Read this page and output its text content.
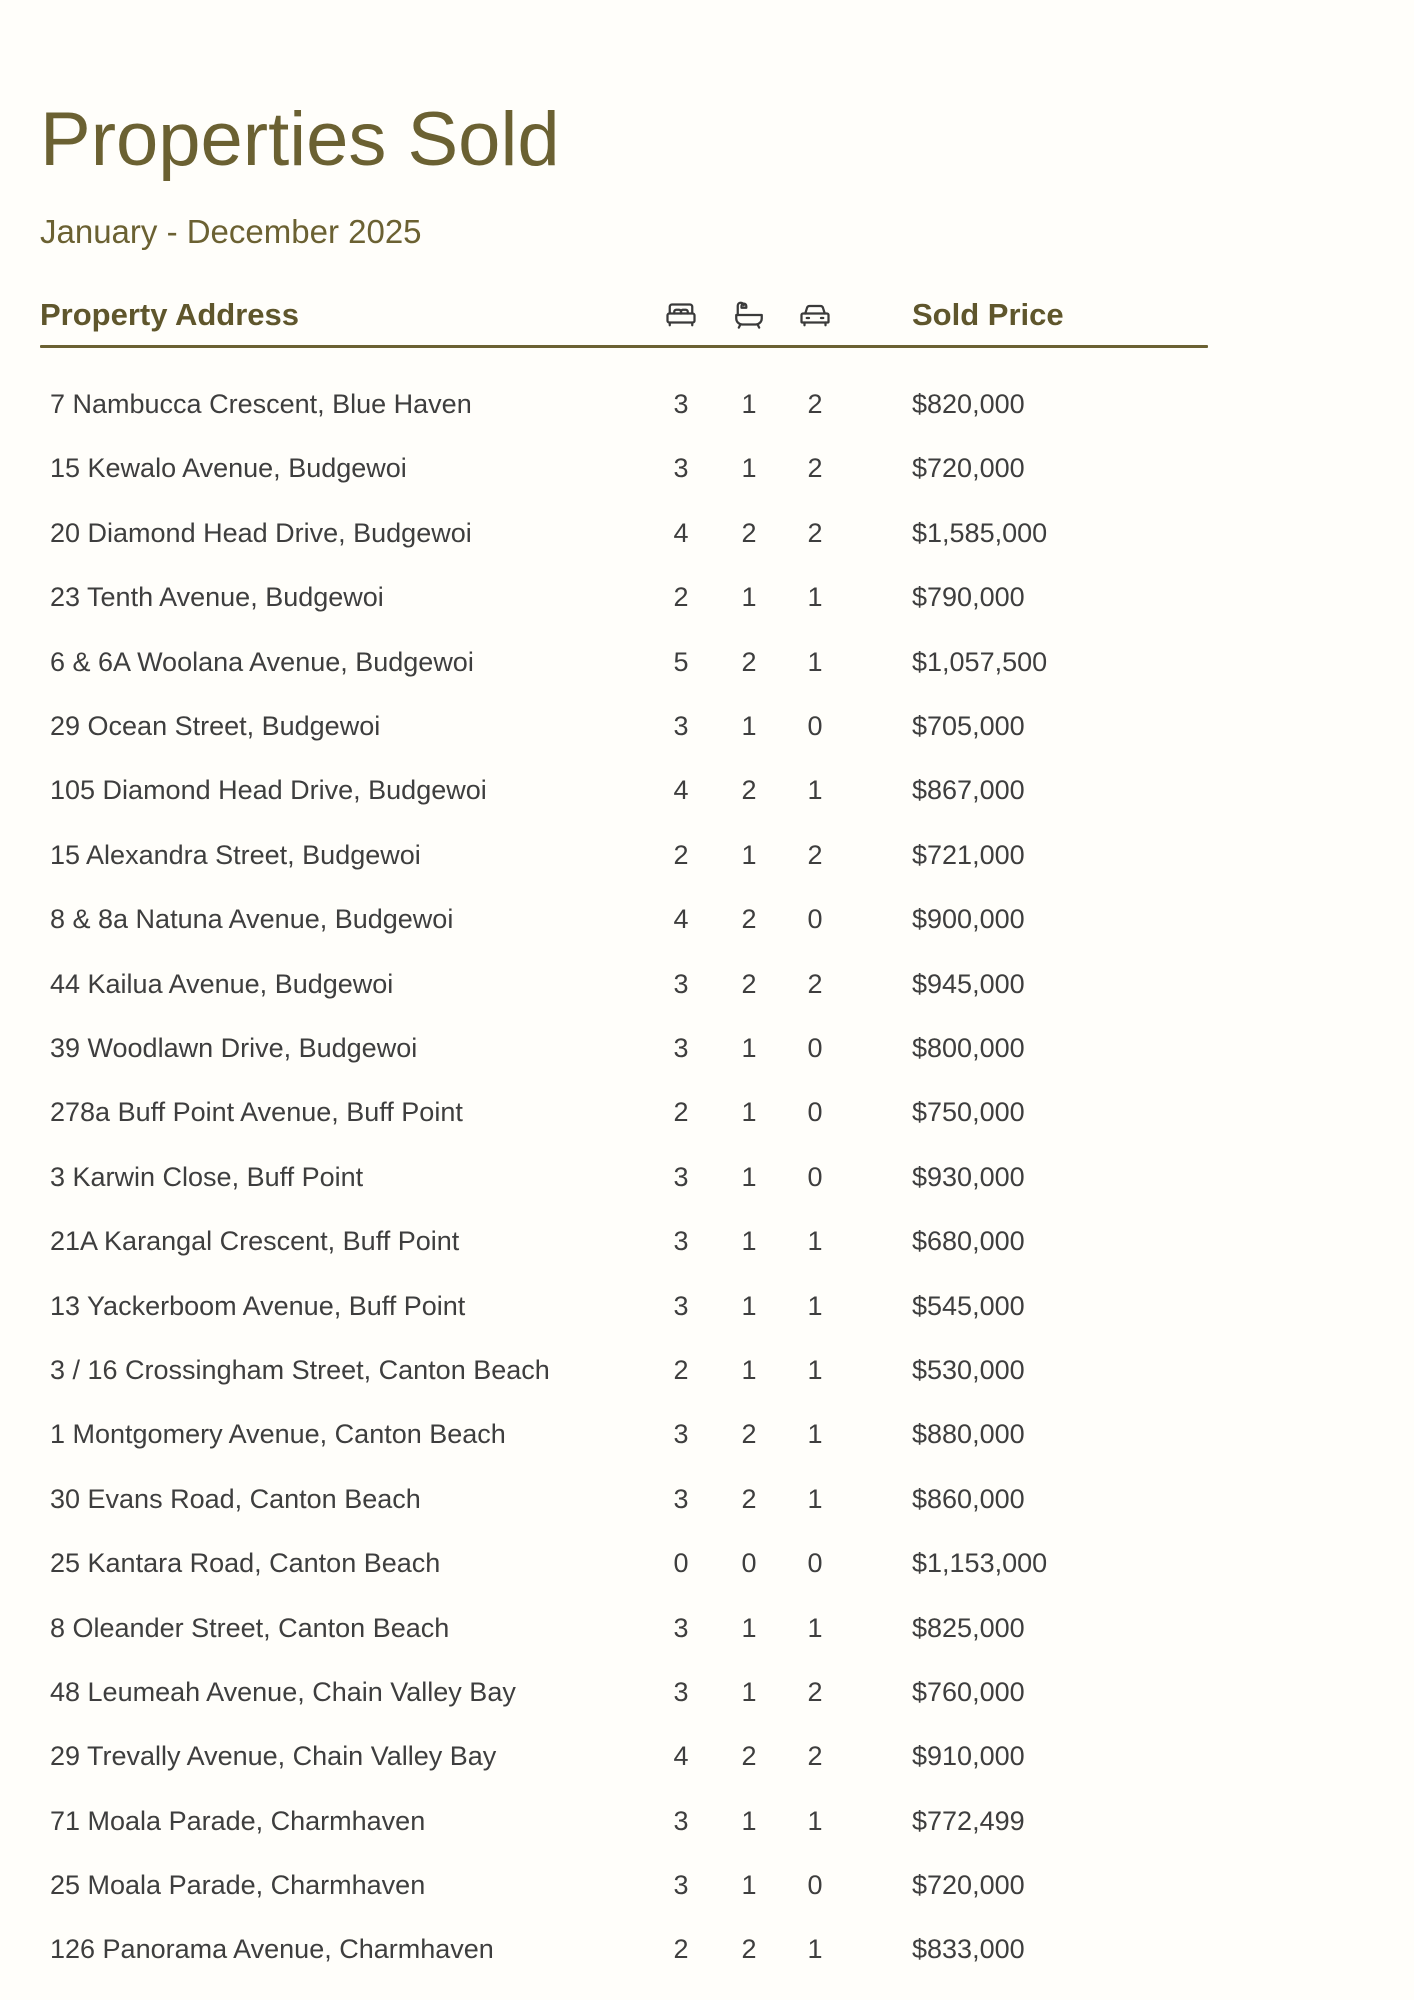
Properties Sold

January - December 2025

Property Address	Sold Price
7 Nambucca Crescent, Blue Haven	3	1	2	$820,000
15 Kewalo Avenue, Budgewoi	3	1	2	$720,000
20 Diamond Head Drive, Budgewoi	4	2	2	$1,585,000
23 Tenth Avenue, Budgewoi	2	1	1	$790,000
6 & 6A Woolana Avenue, Budgewoi	5	2	1	$1,057,500
29 Ocean Street, Budgewoi	3	1	0	$705,000
105 Diamond Head Drive, Budgewoi	4	2	1	$867,000
15 Alexandra Street, Budgewoi	2	1	2	$721,000
8 & 8a Natuna Avenue, Budgewoi	4	2	0	$900,000
44 Kailua Avenue, Budgewoi	3	2	2	$945,000
39 Woodlawn Drive, Budgewoi	3	1	0	$800,000
278a Buff Point Avenue, Buff Point	2	1	0	$750,000
3 Karwin Close, Buff Point	3	1	0	$930,000
21A Karangal Crescent, Buff Point	3	1	1	$680,000
13 Yackerboom Avenue, Buff Point	3	1	1	$545,000
3 / 16 Crossingham Street, Canton Beach	2	1	1	$530,000
1 Montgomery Avenue, Canton Beach	3	2	1	$880,000
30 Evans Road, Canton Beach	3	2	1	$860,000
25 Kantara Road, Canton Beach	0	0	0	$1,153,000
8 Oleander Street, Canton Beach	3	1	1	$825,000
48 Leumeah Avenue, Chain Valley Bay	3	1	2	$760,000
29 Trevally Avenue, Chain Valley Bay	4	2	2	$910,000
71 Moala Parade, Charmhaven	3	1	1	$772,499
25 Moala Parade, Charmhaven	3	1	0	$720,000
126 Panorama Avenue, Charmhaven	2	2	1	$833,000
